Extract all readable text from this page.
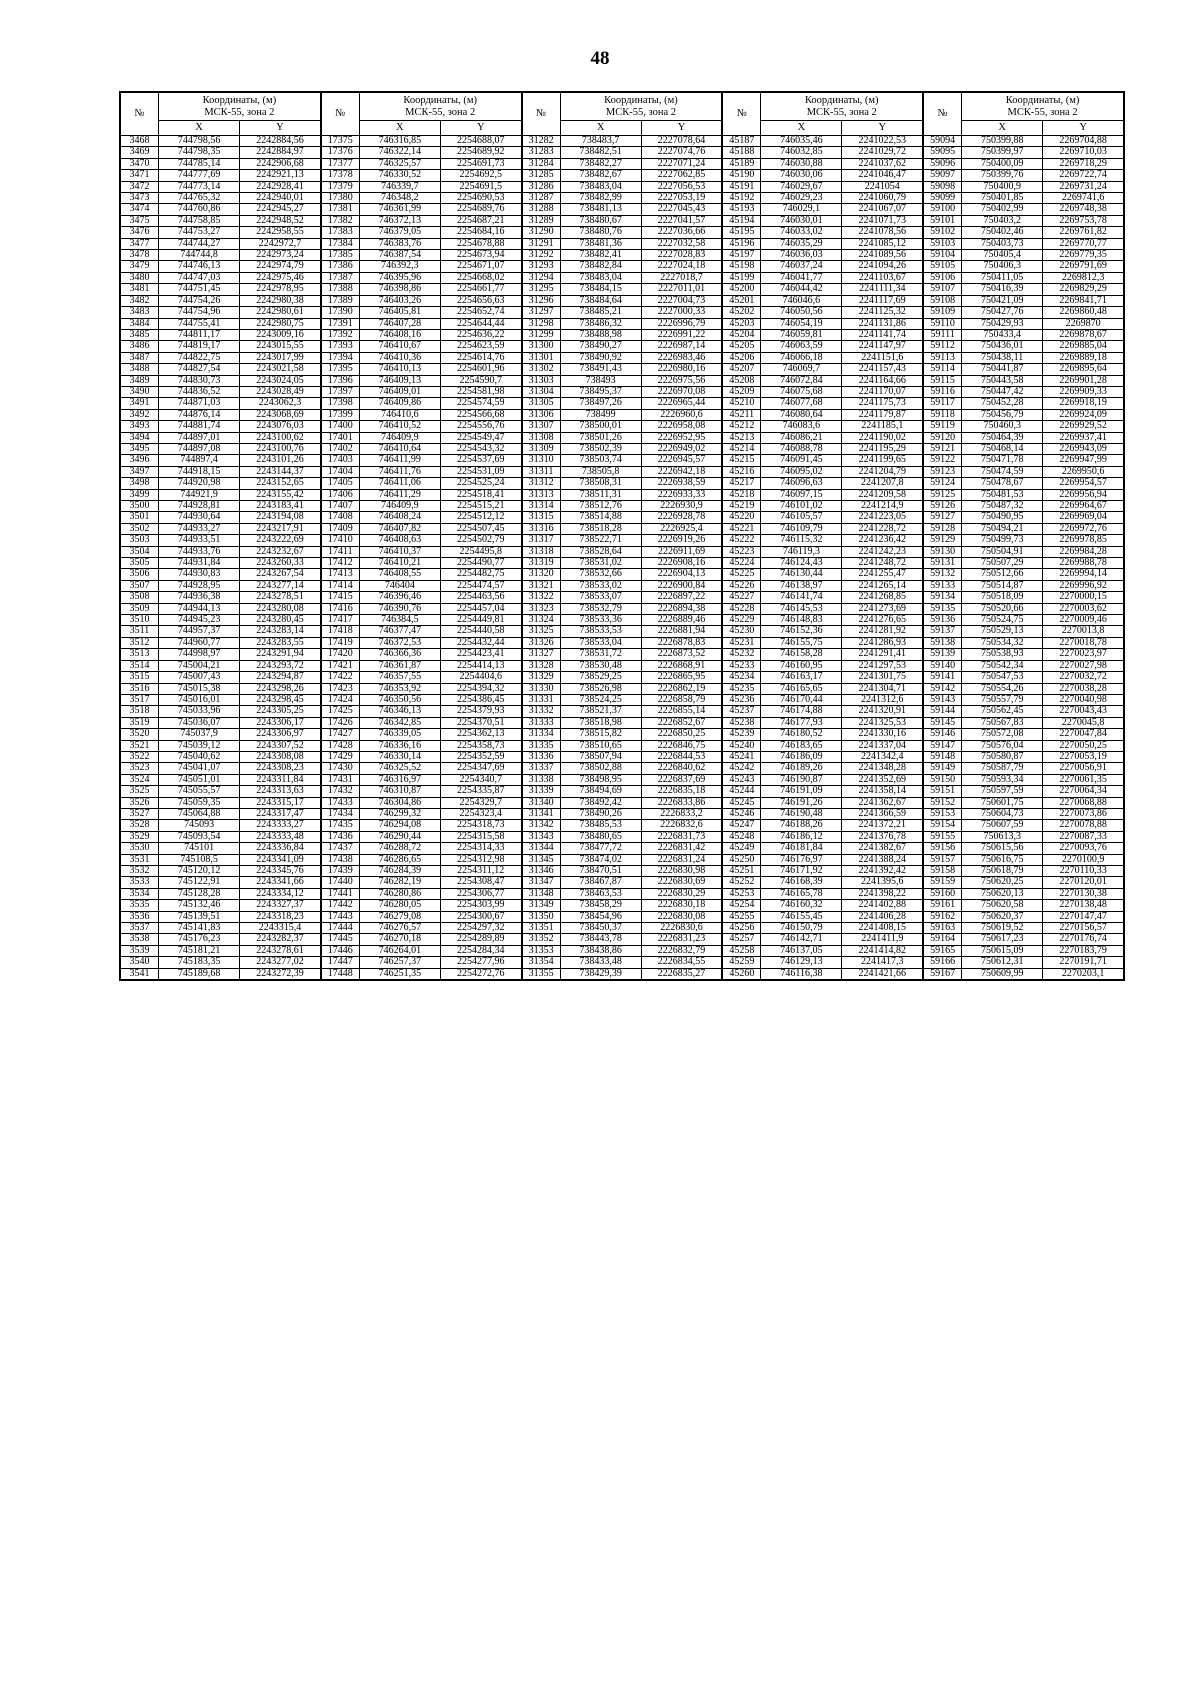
48
№	Координаты, (м)
МСК-55, зона 2		№	Координаты, (м)
МСК-55, зона 2		№	Координаты, (м)
МСК-55, зона 2		№	Координаты, (м)
МСК-55, зона 2		№	Координаты, (м)
МСК-55, зона 2	

	X	Y		X	Y		X	Y		X	Y		X	Y
3468	744798,56	2242884,56	17375	746316,85	2254688,07	31282	738483,7	2227078,64	45187	746035,46	2241022,53	59094	750399,88	2269704,88
3469	744798,35	2242884,97	17376	746322,14	2254689,92	31283	738482,51	2227074,76	45188	746032,85	2241029,72	59095	750399,97	2269710,03
3470	744785,14	2242906,68	17377	746325,57	2254691,73	31284	738482,27	2227071,24	45189	746030,88	2241037,62	59096	750400,09	2269718,29
3471	744777,69	2242921,13	17378	746330,52	2254692,5	31285	738482,67	2227062,85	45190	746030,06	2241046,47	59097	750399,76	2269722,74
3472	744773,14	2242928,41	17379	746339,7	2254691,5	31286	738483,04	2227056,53	45191	746029,67	2241054	59098	750400,9	2269731,24
3473	744765,32	2242940,01	17380	746348,2	2254690,53	31287	738482,99	2227053,19	45192	746029,23	2241060,79	59099	750401,85	2269741,6
3474	744760,86	2242945,27	17381	746361,99	2254689,76	31288	738481,13	2227045,43	45193	746029,1	2241067,07	59100	750402,99	2269748,38
3475	744758,85	2242948,52	17382	746372,13	2254687,21	31289	738480,67	2227041,57	45194	746030,01	2241071,73	59101	750403,2	2269753,78
3476	744753,27	2242958,55	17383	746379,05	2254684,16	31290	738480,76	2227036,66	45195	746033,02	2241078,56	59102	750402,46	2269761,82
3477	744744,27	2242972,7	17384	746383,76	2254678,88	31291	738481,36	2227032,58	45196	746035,29	2241085,12	59103	750403,73	2269770,77
3478	744744,8	2242973,24	17385	746387,54	2254673,94	31292	738482,41	2227028,83	45197	746036,03	2241089,56	59104	750405,4	2269779,35
3479	744746,13	2242974,79	17386	746392,3	2254671,07	31293	738482,84	2227024,18	45198	746037,24	2241094,26	59105	750406,3	2269791,69
3480	744747,03	2242975,46	17387	746395,96	2254668,02	31294	738483,04	2227018,7	45199	746041,77	2241103,67	59106	750411,05	2269812,3
3481	744751,45	2242978,95	17388	746398,86	2254661,77	31295	738484,15	2227011,01	45200	746044,42	2241111,34	59107	750416,39	2269829,29
3482	744754,26	2242980,38	17389	746403,26	2254656,63	31296	738484,64	2227004,73	45201	746046,6	2241117,69	59108	750421,09	2269841,71
3483	744754,96	2242980,61	17390	746405,81	2254652,74	31297	738485,21	2227000,33	45202	746050,56	2241125,32	59109	750427,76	2269860,48
3484	744755,41	2242980,75	17391	746407,28	2254644,44	31298	738486,32	2226996,79	45203	746054,19	2241131,86	59110	750429,93	2269870
3485	744811,17	2243009,16	17392	746408,16	2254636,22	31299	738488,98	2226991,22	45204	746059,81	2241141,74	59111	750433,4	2269878,67
3486	744819,17	2243015,55	17393	746410,67	2254623,59	31300	738490,27	2226987,14	45205	746063,59	2241147,97	59112	750436,01	2269885,04
3487	744822,75	2243017,99	17394	746410,36	2254614,76	31301	738490,92	2226983,46	45206	746066,18	2241151,6	59113	750438,11	2269889,18
3488	744827,54	2243021,58	17395	746410,13	2254601,96	31302	738491,43	2226980,16	45207	746069,7	2241157,43	59114	750441,87	2269895,64
3489	744830,73	2243024,05	17396	746409,13	2254590,7	31303	738493	2226975,56	45208	746072,84	2241164,66	59115	750443,58	2269901,28
3490	744836,52	2243028,49	17397	746409,01	2254581,98	31304	738495,37	2226970,08	45209	746075,68	2241170,07	59116	750447,42	2269909,33
3491	744871,03	2243062,3	17398	746409,86	2254574,59	31305	738497,26	2226965,44	45210	746077,68	2241175,73	59117	750452,28	2269918,19
3492	744876,14	2243068,69	17399	746410,6	2254566,68	31306	738499	2226960,6	45211	746080,64	2241179,87	59118	750456,79	2269924,09
3493	744881,74	2243076,03	17400	746410,52	2254556,76	31307	738500,01	2226958,08	45212	746083,6	2241185,1	59119	750460,3	2269929,52
3494	744897,01	2243100,62	17401	746409,9	2254549,47	31308	738501,26	2226952,95	45213	746086,21	2241190,02	59120	750464,39	2269937,41
3495	744897,08	2243100,76	17402	746410,64	2254543,32	31309	738502,39	2226949,02	45214	746088,78	2241195,29	59121	750468,14	2269943,09
3496	744897,4	2243101,26	17403	746411,99	2254537,69	31310	738503,74	2226945,57	45215	746091,45	2241199,65	59122	750471,78	2269947,99
3497	744918,15	2243144,37	17404	746411,76	2254531,09	31311	738505,8	2226942,18	45216	746095,02	2241204,79	59123	750474,59	2269950,6
3498	744920,98	2243152,65	17405	746411,06	2254525,24	31312	738508,31	2226938,59	45217	746096,63	2241207,8	59124	750478,67	2269954,57
3499	744921,9	2243155,42	17406	746411,29	2254518,41	31313	738511,31	2226933,33	45218	746097,15	2241209,58	59125	750481,53	2269956,94
3500	744928,81	2243183,41	17407	746409,9	2254515,21	31314	738512,76	2226930,9	45219	746101,02	2241214,9	59126	750487,32	2269964,67
3501	744930,64	2243194,08	17408	746408,24	2254512,12	31315	738514,88	2226928,78	45220	746105,57	2241223,05	59127	750490,95	2269969,04
3502	744933,27	2243217,91	17409	746407,82	2254507,45	31316	738518,28	2226925,4	45221	746109,79	2241228,72	59128	750494,21	2269972,76
3503	744933,51	2243222,69	17410	746408,63	2254502,79	31317	738522,71	2226919,26	45222	746115,32	2241236,42	59129	750499,73	2269978,85
3504	744933,76	2243232,67	17411	746410,37	2254495,8	31318	738528,64	2226911,69	45223	746119,3	2241242,23	59130	750504,91	2269984,28
3505	744931,84	2243260,33	17412	746410,21	2254490,77	31319	738531,02	2226908,16	45224	746124,43	2241248,72	59131	750507,29	2269988,78
3506	744930,83	2243267,54	17413	746408,55	2254482,75	31320	738532,66	2226904,13	45225	746130,44	2241255,47	59132	750512,66	2269994,14
3507	744928,95	2243277,14	17414	746404	2254474,57	31321	738533,02	2226900,84	45226	746138,97	2241265,14	59133	750514,87	2269996,92
3508	744936,38	2243278,51	17415	746396,46	2254463,56	31322	738533,07	2226897,22	45227	746141,74	2241268,85	59134	750518,09	2270000,15
3509	744944,13	2243280,08	17416	746390,76	2254457,04	31323	738532,79	2226894,38	45228	746145,53	2241273,69	59135	750520,66	2270003,62
3510	744945,23	2243280,45	17417	746384,5	2254449,81	31324	738533,36	2226889,46	45229	746148,83	2241276,65	59136	750524,75	2270009,46
3511	744957,37	2243283,14	17418	746377,47	2254440,58	31325	738533,53	2226881,94	45230	746152,36	2241281,92	59137	750529,13	2270013,8
3512	744960,77	2243283,55	17419	746372,53	2254432,44	31326	738533,04	2226878,83	45231	746155,75	2241286,93	59138	750534,32	2270018,78
3513	744998,97	2243291,94	17420	746366,36	2254423,41	31327	738531,72	2226873,52	45232	746158,28	2241291,41	59139	750538,93	2270023,97
3514	745004,21	2243293,72	17421	746361,87	2254414,13	31328	738530,48	2226868,91	45233	746160,95	2241297,53	59140	750542,34	2270027,98
3515	745007,43	2243294,87	17422	746357,55	2254404,6	31329	738529,25	2226865,95	45234	746163,17	2241301,75	59141	750547,53	2270032,72
3516	745015,38	2243298,26	17423	746353,92	2254394,32	31330	738526,98	2226862,19	45235	746165,65	2241304,71	59142	750554,26	2270038,28
3517	745016,01	2243298,45	17424	746350,56	2254386,45	31331	738524,25	2226858,79	45236	746170,44	2241312,6	59143	750557,79	2270040,98
3518	745033,96	2243305,25	17425	746346,13	2254379,93	31332	738521,37	2226855,14	45237	746174,88	2241320,91	59144	750562,45	2270043,43
3519	745036,07	2243306,17	17426	746342,85	2254370,51	31333	738518,98	2226852,67	45238	746177,93	2241325,53	59145	750567,83	2270045,8
3520	745037,9	2243306,97	17427	746339,05	2254362,13	31334	738515,82	2226850,25	45239	746180,52	2241330,16	59146	750572,08	2270047,84
3521	745039,12	2243307,52	17428	746336,16	2254358,73	31335	738510,65	2226846,75	45240	746183,65	2241337,04	59147	750576,04	2270050,25
3522	745040,62	2243308,08	17429	746330,14	2254352,59	31336	738507,94	2226844,53	45241	746186,09	2241342,4	59148	750580,87	2270053,19
3523	745041,07	2243308,23	17430	746325,52	2254347,69	31337	738502,88	2226840,62	45242	746189,26	2241348,28	59149	750587,79	2270056,91
3524	745051,01	2243311,84	17431	746316,97	2254340,7	31338	738498,95	2226837,69	45243	746190,87	2241352,69	59150	750593,34	2270061,35
3525	745055,57	2243313,63	17432	746310,87	2254335,87	31339	738494,69	2226835,18	45244	746191,09	2241358,14	59151	750597,59	2270064,34
3526	745059,35	2243315,17	17433	746304,86	2254329,7	31340	738492,42	2226833,86	45245	746191,26	2241362,67	59152	750601,75	2270068,88
3527	745064,88	2243317,47	17434	746299,32	2254323,4	31341	738490,26	2226833,2	45246	746190,48	2241366,59	59153	750604,73	2270073,86
3528	745093	2243333,27	17435	746294,08	2254318,73	31342	738485,53	2226832,6	45247	746188,26	2241372,21	59154	750607,59	2270078,88
3529	745093,54	2243333,48	17436	746290,44	2254315,58	31343	738480,65	2226831,73	45248	746186,12	2241376,78	59155	750613,3	2270087,33
3530	745101	2243336,84	17437	746288,72	2254314,33	31344	738477,72	2226831,42	45249	746181,84	2241382,67	59156	750615,56	2270093,76
3531	745108,5	2243341,09	17438	746286,65	2254312,98	31345	738474,02	2226831,24	45250	746176,97	2241388,24	59157	750616,75	2270100,9
3532	745120,12	2243345,76	17439	746284,39	2254311,12	31346	738470,51	2226830,98	45251	746171,92	2241392,42	59158	750618,79	2270110,33
3533	745122,91	2243341,66	17440	746282,19	2254308,47	31347	738467,87	2226830,69	45252	746168,39	2241395,6	59159	750620,25	2270120,01
3534	745128,28	2243334,12	17441	746280,86	2254306,77	31348	738463,53	2226830,29	45253	746165,78	2241398,22	59160	750620,13	2270130,38
3535	745132,46	2243327,37	17442	746280,05	2254303,99	31349	738458,29	2226830,18	45254	746160,32	2241402,88	59161	750620,58	2270138,48
3536	745139,51	2243318,23	17443	746279,08	2254300,67	31350	738454,96	2226830,08	45255	746155,45	2241406,28	59162	750620,37	2270147,47
3537	745141,83	2243315,4	17444	746276,57	2254297,32	31351	738450,37	2226830,6	45256	746150,79	2241408,15	59163	750619,52	2270156,57
3538	745176,23	2243282,37	17445	746270,18	2254289,89	31352	738443,78	2226831,23	45257	746142,71	2241411,9	59164	750617,23	2270176,74
3539	745181,21	2243278,61	17446	746264,01	2254284,34	31353	738438,86	2226832,79	45258	746137,05	2241414,82	59165	750615,09	2270183,79
3540	745183,35	2243277,02	17447	746257,37	2254277,96	31354	738433,48	2226834,55	45259	746129,13	2241417,3	59166	750612,31	2270191,71
3541	745189,68	2243272,39	17448	746251,35	2254272,76	31355	738429,39	2226835,27	45260	746116,38	2241421,66	59167	750609,99	2270203,1
